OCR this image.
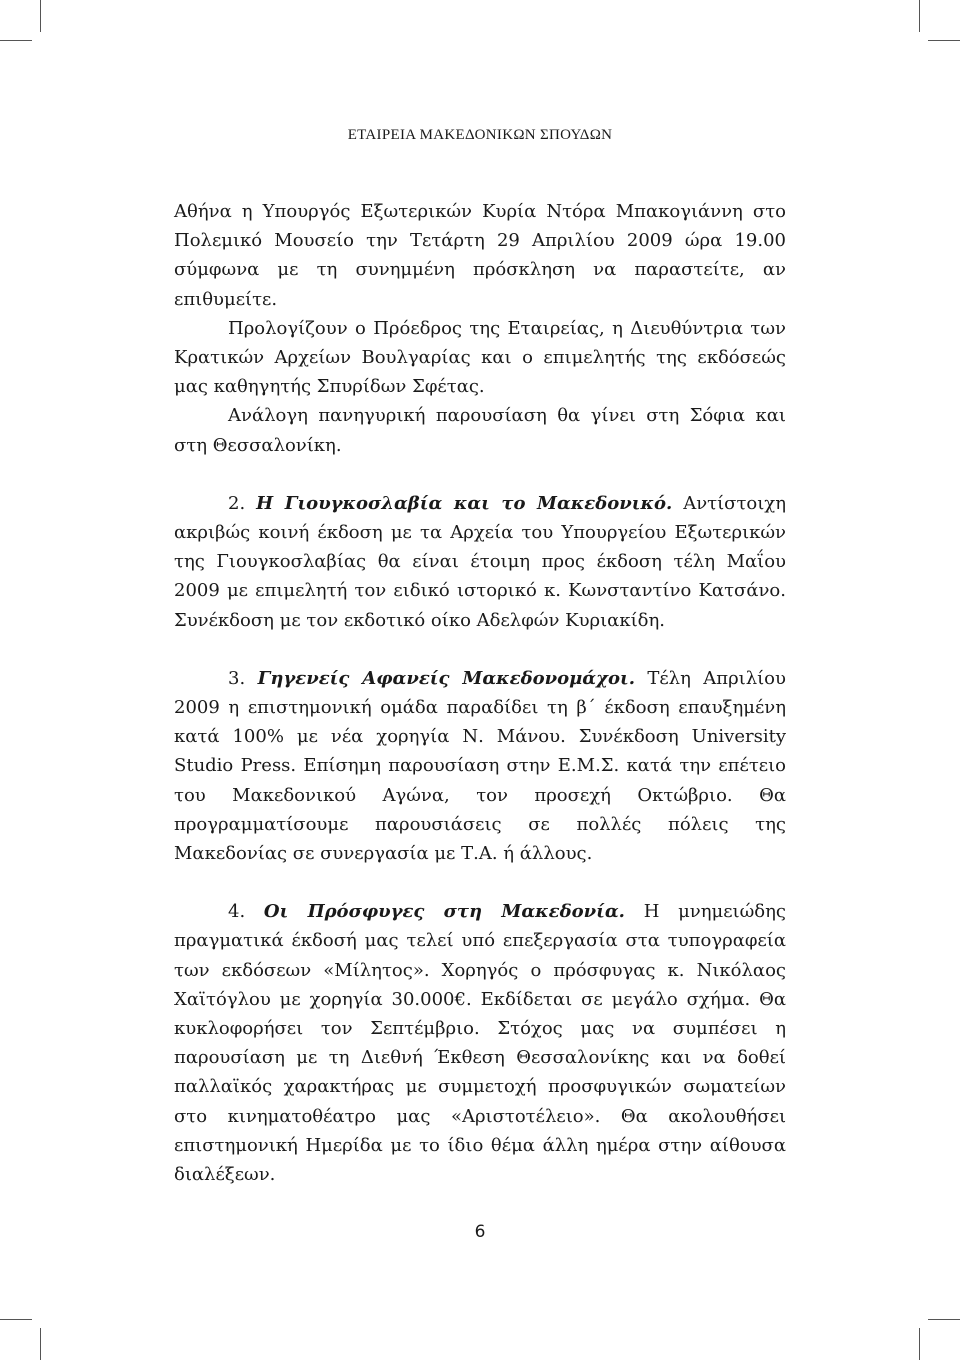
ΕΤΑΙΡΕΙΑ ΜΑΚΕΔΟΝΙΚΩΝ ΣΠΟΥΔΩΝ

Αθήνα η Υπουργός Εξωτερικών Κυρία Ντόρα Μπακογιάννη στο Πολεμικό Μουσείο την Τετάρτη 29 Απριλίου 2009 ώρα 19.00 σύμφωνα με τη συνημμένη πρόσκληση να παραστείτε, αν επιθυμείτε.

Προλογίζουν ο Πρόεδρος της Εταιρείας, η Διευθύντρια των Κρατικών Αρχείων Βουλγαρίας και ο επιμελητής της εκδόσεώς μας καθηγητής Σπυρίδων Σφέτας.

Ανάλογη πανηγυρική παρουσίαση θα γίνει στη Σόφια και στη Θεσσαλονίκη.

2. Η Γιουγκοσλαβία και το Μακεδονικό. Αντίστοιχη ακριβώς κοινή έκδοση με τα Αρχεία του Υπουργείου Εξωτερικών της Γιουγκοσλαβίας θα είναι έτοιμη προς έκδοση τέλη Μαΐου 2009 με επιμελητή τον ειδικό ιστορικό κ. Κωνσταντίνο Κατσάνο. Συνέκδοση με τον εκδοτικό οίκο Αδελφών Κυριακίδη.

3. Γηγενείς Αφανείς Μακεδονομάχοι. Τέλη Απριλίου 2009 η επιστημονική ομάδα παραδίδει τη β΄ έκδοση επαυξημένη κατά 100% με νέα χορηγία Ν. Μάνου. Συνέκδοση University Studio Press. Επίσημη παρουσίαση στην Ε.Μ.Σ. κατά την επέτειο του Μακεδονικού Αγώνα, τον προσεχή Οκτώβριο. Θα προγραμματίσουμε παρουσιάσεις σε πολλές πόλεις της Μακεδονίας σε συνεργασία με Τ.Α. ή άλλους.

4. Οι Πρόσφυγες στη Μακεδονία. Η μνημειώδης πραγματικά έκδοσή μας τελεί υπό επεξεργασία στα τυπογραφεία των εκδόσεων «Μίλητος». Χορηγός ο πρόσφυγας κ. Νικόλαος Χαϊτόγλου με χορηγία 30.000€. Εκδίδεται σε μεγάλο σχήμα. Θα κυκλοφορήσει τον Σεπτέμβριο. Στόχος μας να συμπέσει η παρουσίαση με τη Διεθνή Έκθεση Θεσσαλονίκης και να δοθεί παλλαϊκός χαρακτήρας με συμμετοχή προσφυγικών σωματείων στο κινηματοθέατρο μας «Αριστοτέλειο». Θα ακολουθήσει επιστημονική Ημερίδα με το ίδιο θέμα άλλη ημέρα στην αίθουσα διαλέξεων.

6
